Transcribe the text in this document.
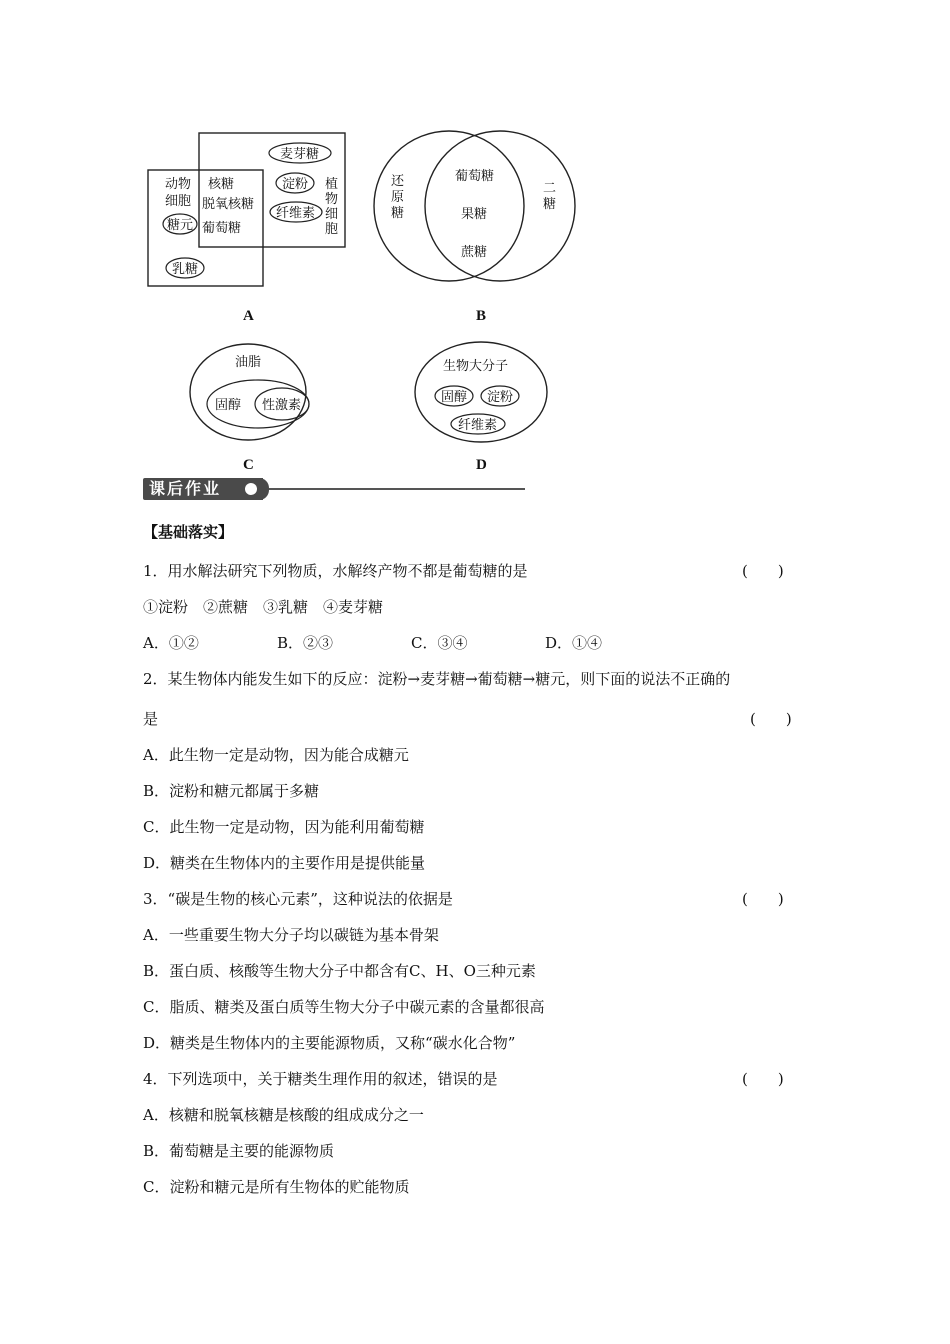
动物
细胞
糖元
核糖
脱氧核糖
葡萄糖
麦芽糖
淀粉
纤维素
植
物
细
胞
乳糖
A
还
原
糖
二
糖
葡萄糖
果糖
蔗糖
B
油脂
固醇 性激素
C
生物大分子
固醇 淀粉
纤维素
D
课后作业
【基础落实】
1．用水解法研究下列物质，水解终产物不都是葡萄糖的是	(　　)
①淀粉　②蔗糖　③乳糖　④麦芽糖
A．①②	B．②③	C．③④	D．①④
2．某生物体内能发生如下的反应：淀粉→麦芽糖→葡萄糖→糖元，则下面的说法不正确的
是	(　　)
A．此生物一定是动物，因为能合成糖元
B．淀粉和糖元都属于多糖
C．此生物一定是动物，因为能利用葡萄糖
D．糖类在生物体内的主要作用是提供能量
3．“碳是生物的核心元素”，这种说法的依据是	(　　)
A．一些重要生物大分子均以碳链为基本骨架
B．蛋白质、核酸等生物大分子中都含有C、H、O三种元素
C．脂质、糖类及蛋白质等生物大分子中碳元素的含量都很高
D．糖类是生物体内的主要能源物质，又称“碳水化合物”
4．下列选项中，关于糖类生理作用的叙述，错误的是	(　　)
A．核糖和脱氧核糖是核酸的组成成分之一
B．葡萄糖是主要的能源物质
C．淀粉和糖元是所有生物体的贮能物质
